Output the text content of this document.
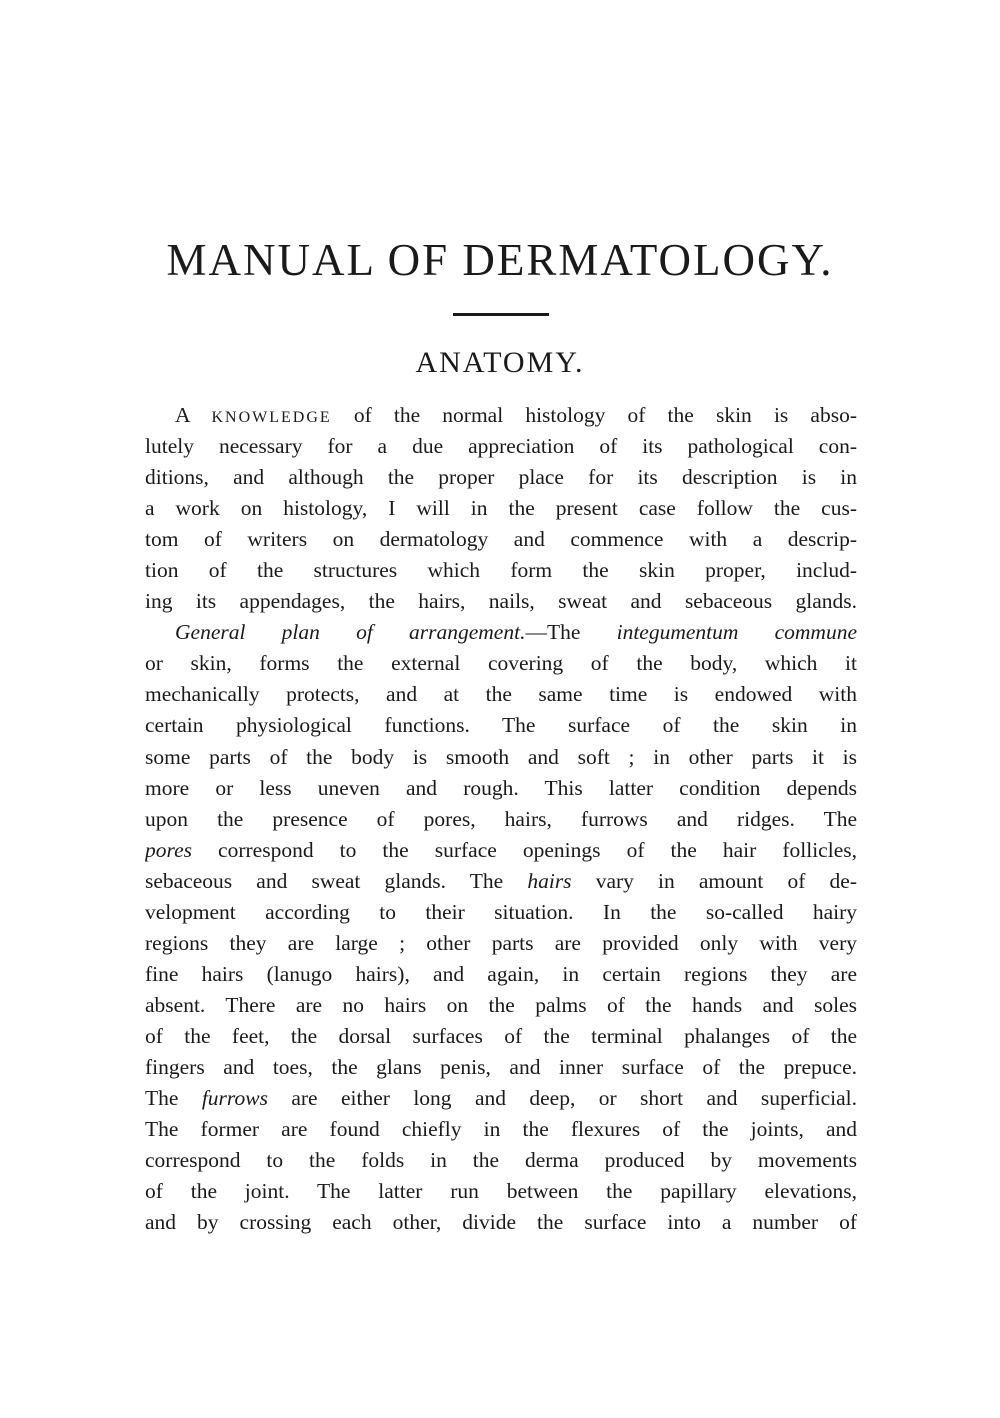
MANUAL OF DERMATOLOGY.
ANATOMY.
A KNOWLEDGE of the normal histology of the skin is abso-
lutely necessary for a due appreciation of its pathological con-
ditions, and although the proper place for its description is in
a work on histology, I will in the present case follow the cus-
tom of writers on dermatology and commence with a descrip-
tion of the structures which form the skin proper, includ-
ing its appendages, the hairs, nails, sweat and sebaceous glands.
General plan of arrangement.—The integumentum commune
or skin, forms the external covering of the body, which it
mechanically protects, and at the same time is endowed with
certain physiological functions. The surface of the skin in
some parts of the body is smooth and soft ; in other parts it is
more or less uneven and rough. This latter condition depends
upon the presence of pores, hairs, furrows and ridges. The
pores correspond to the surface openings of the hair follicles,
sebaceous and sweat glands. The hairs vary in amount of de-
velopment according to their situation. In the so-called hairy
regions they are large ; other parts are provided only with very
fine hairs (lanugo hairs), and again, in certain regions they are
absent. There are no hairs on the palms of the hands and soles
of the feet, the dorsal surfaces of the terminal phalanges of the
fingers and toes, the glans penis, and inner surface of the prepuce.
The furrows are either long and deep, or short and superficial.
The former are found chiefly in the flexures of the joints, and
correspond to the folds in the derma produced by movements
of the joint. The latter run between the papillary elevations,
and by crossing each other, divide the surface into a number of
